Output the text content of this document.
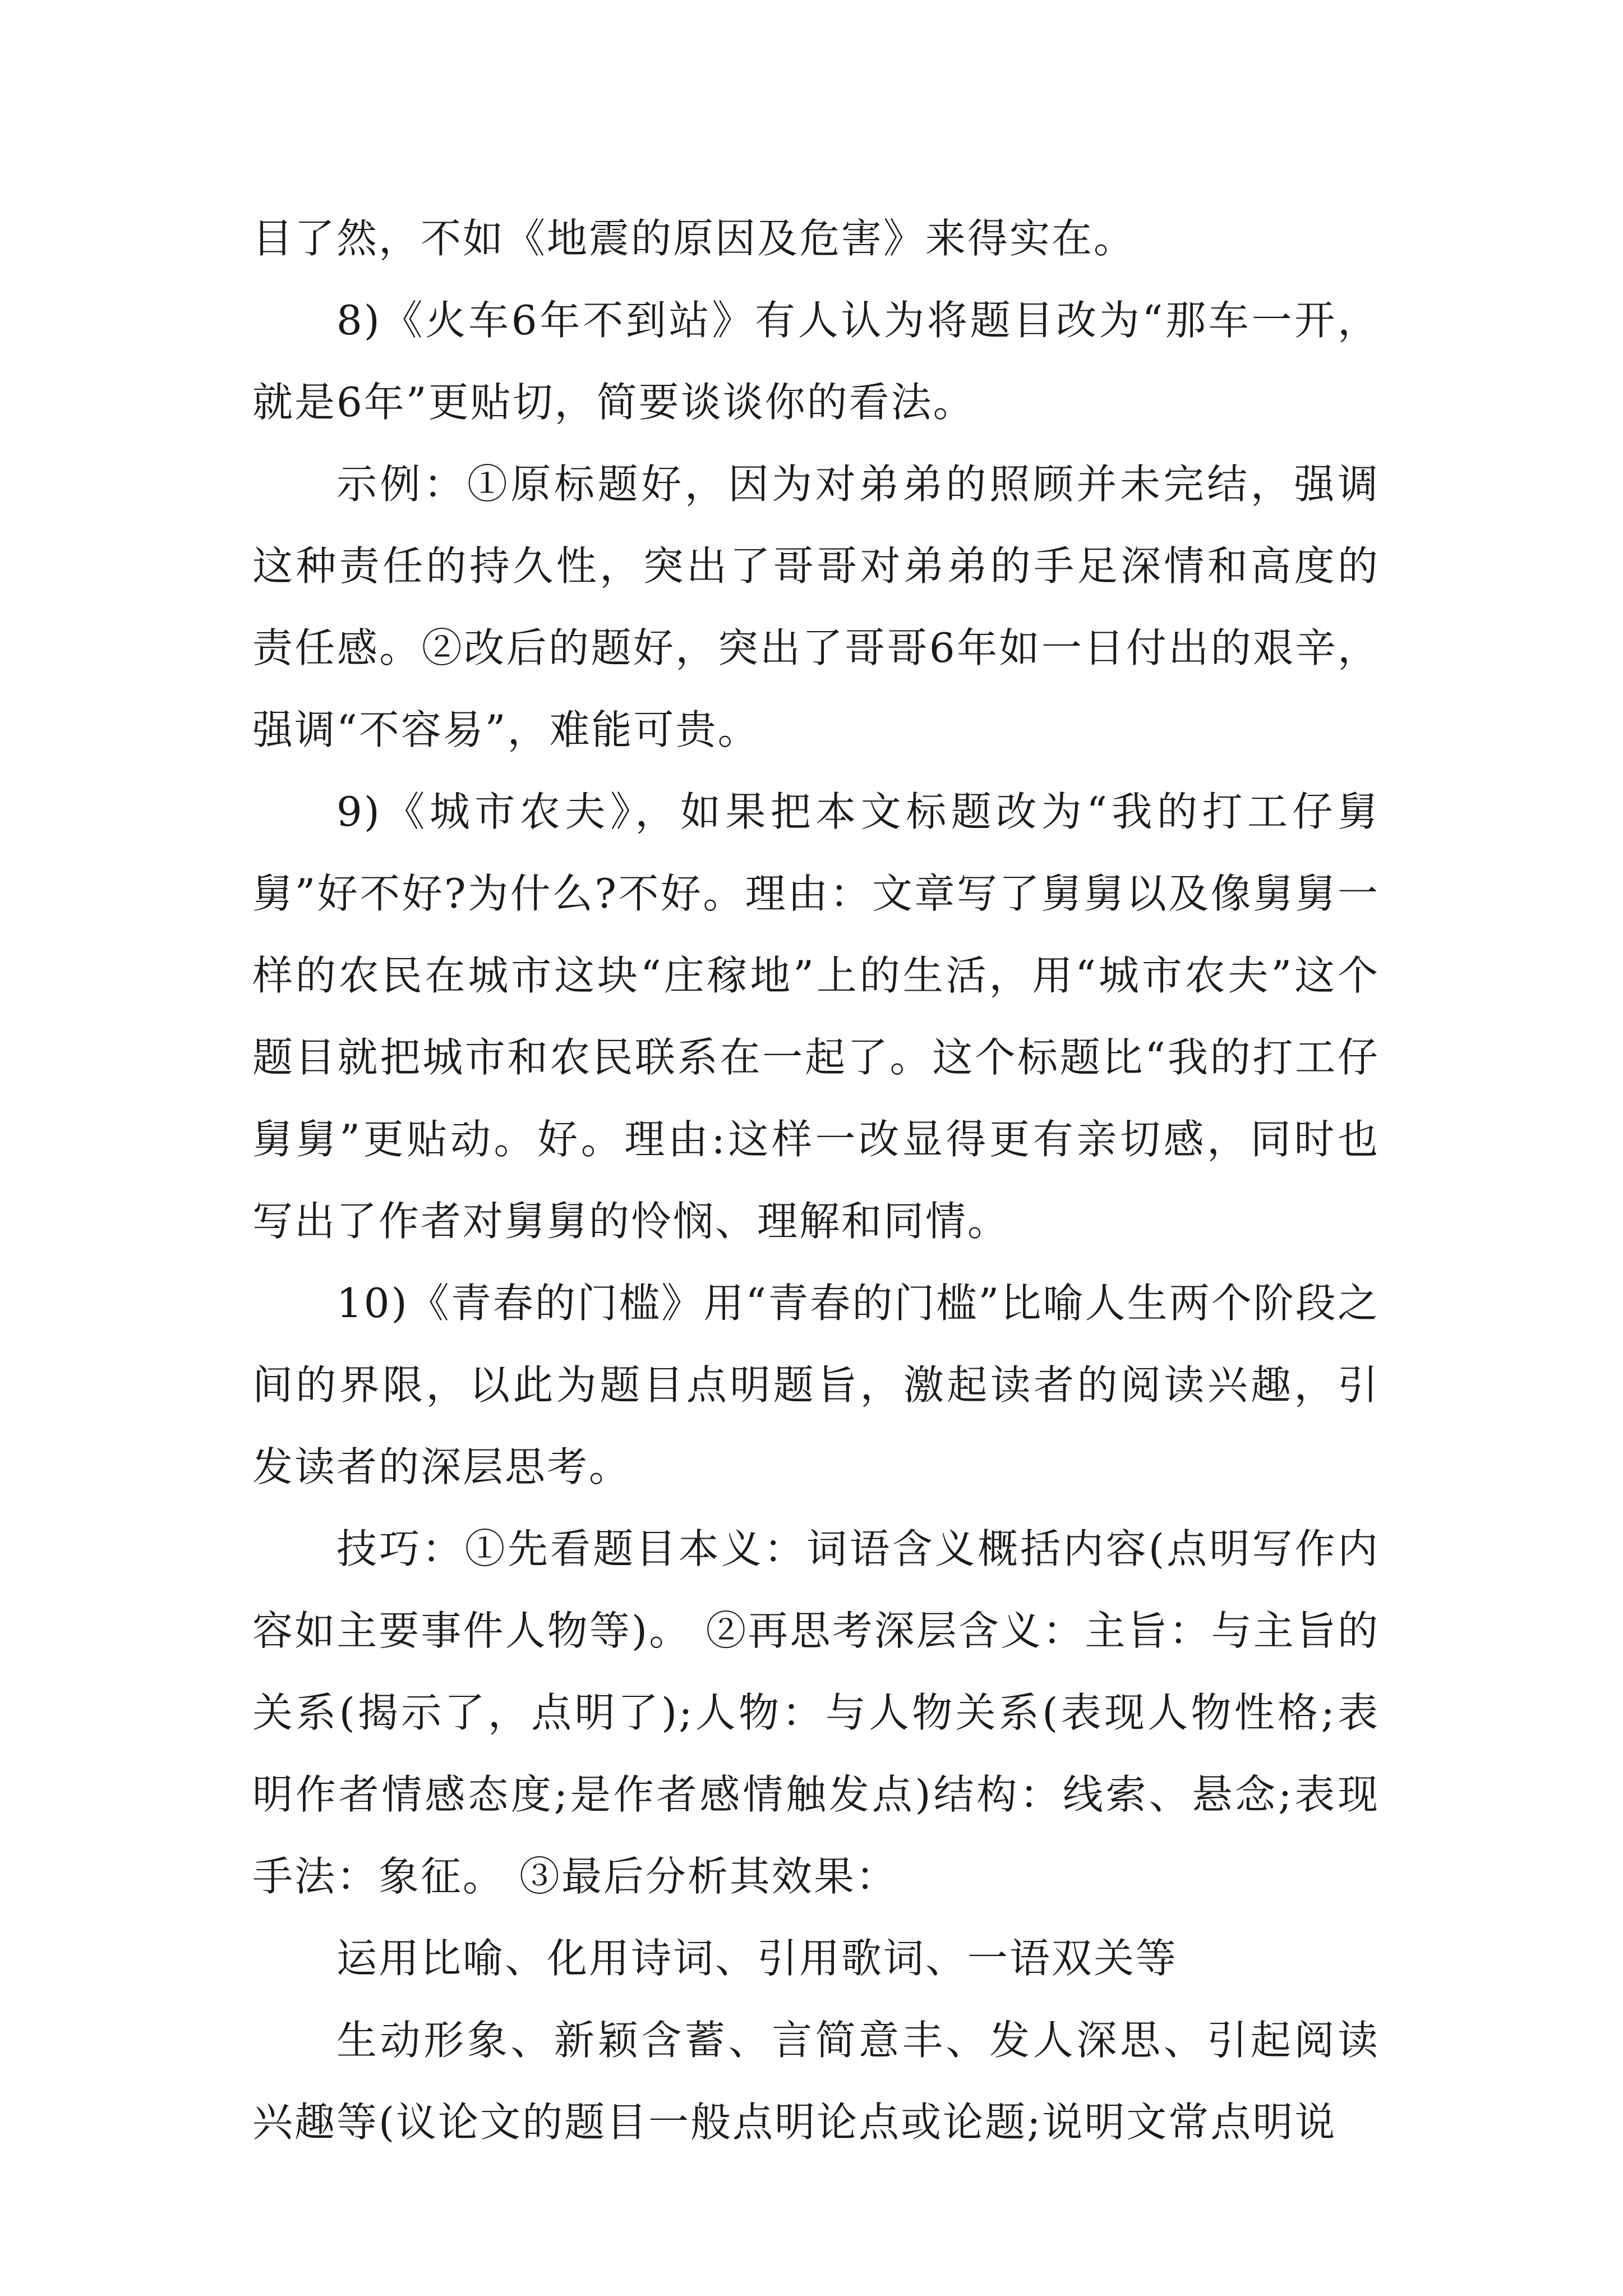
目了然，不如《地震的原因及危害》来得实在。

8)《火车6年不到站》有人认为将题目改为“那车一开，就是6年”更贴切，简要谈谈你的看法。

示例：①原标题好，因为对弟弟的照顾并未完结，强调这种责任的持久性，突出了哥哥对弟弟的手足深情和高度的责任感。②改后的题好，突出了哥哥6年如一日付出的艰辛，强调“不容易”，难能可贵。

9)《城市农夫》，如果把本文标题改为“我的打工仔舅舅”好不好?为什么?不好。理由：文章写了舅舅以及像舅舅一样的农民在城市这块“庄稼地”上的生活，用“城市农夫”这个题目就把城市和农民联系在一起了。这个标题比“我的打工仔舅舅”更贴动。好。理由:这样一改显得更有亲切感，同时也写出了作者对舅舅的怜悯、理解和同情。

10)《青春的门槛》用“青春的门槛”比喻人生两个阶段之间的界限，以此为题目点明题旨，激起读者的阅读兴趣，引发读者的深层思考。

技巧：①先看题目本义：词语含义概括内容(点明写作内容如主要事件人物等)。 ②再思考深层含义：主旨：与主旨的关系(揭示了，点明了);人物：与人物关系(表现人物性格;表明作者情感态度;是作者感情触发点)结构：线索、悬念;表现手法：象征。 ③最后分析其效果：

运用比喻、化用诗词、引用歌词、一语双关等

生动形象、新颖含蓄、言简意丰、发人深思、引起阅读兴趣等(议论文的题目一般点明论点或论题;说明文常点明说
